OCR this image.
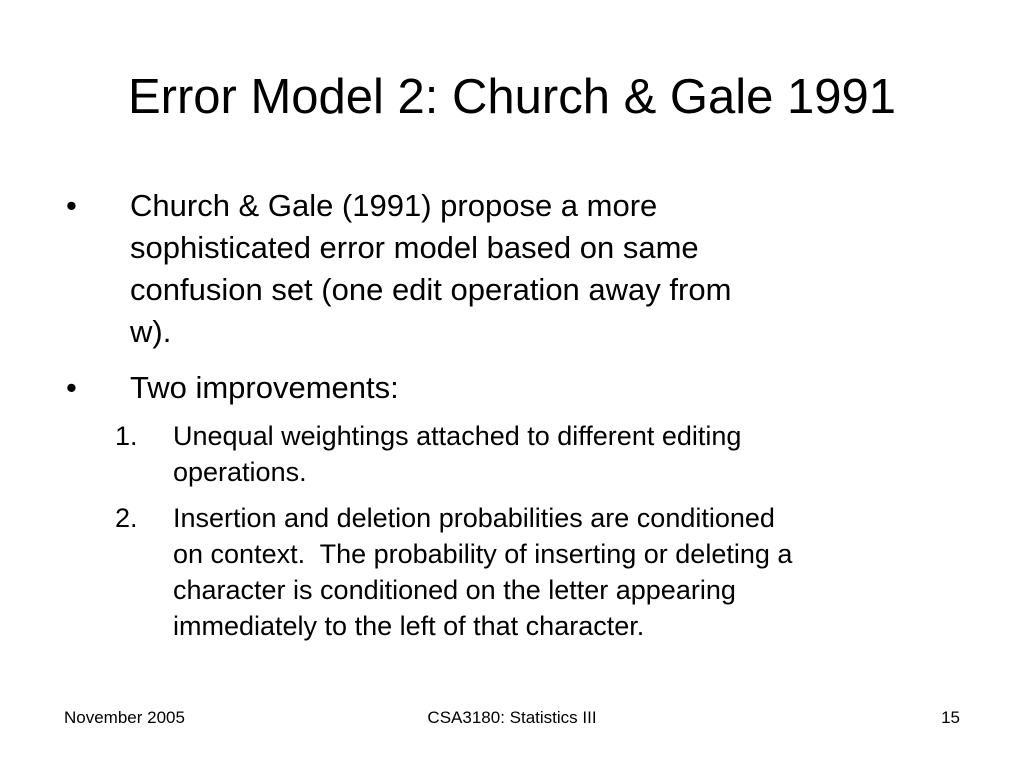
Error Model 2: Church & Gale 1991
• Church & Gale (1991) propose a more
sophisticated error model based on same
confusion set (one edit operation away from
w).
• Two improvements:
1.	Unequal weightings attached to different editing
operations.
2.	Insertion and deletion probabilities are conditioned
on context.  The probability of inserting or deleting a
character is conditioned on the letter appearing
immediately to the left of that character.
November 2005	CSA3180: Statistics III	15
